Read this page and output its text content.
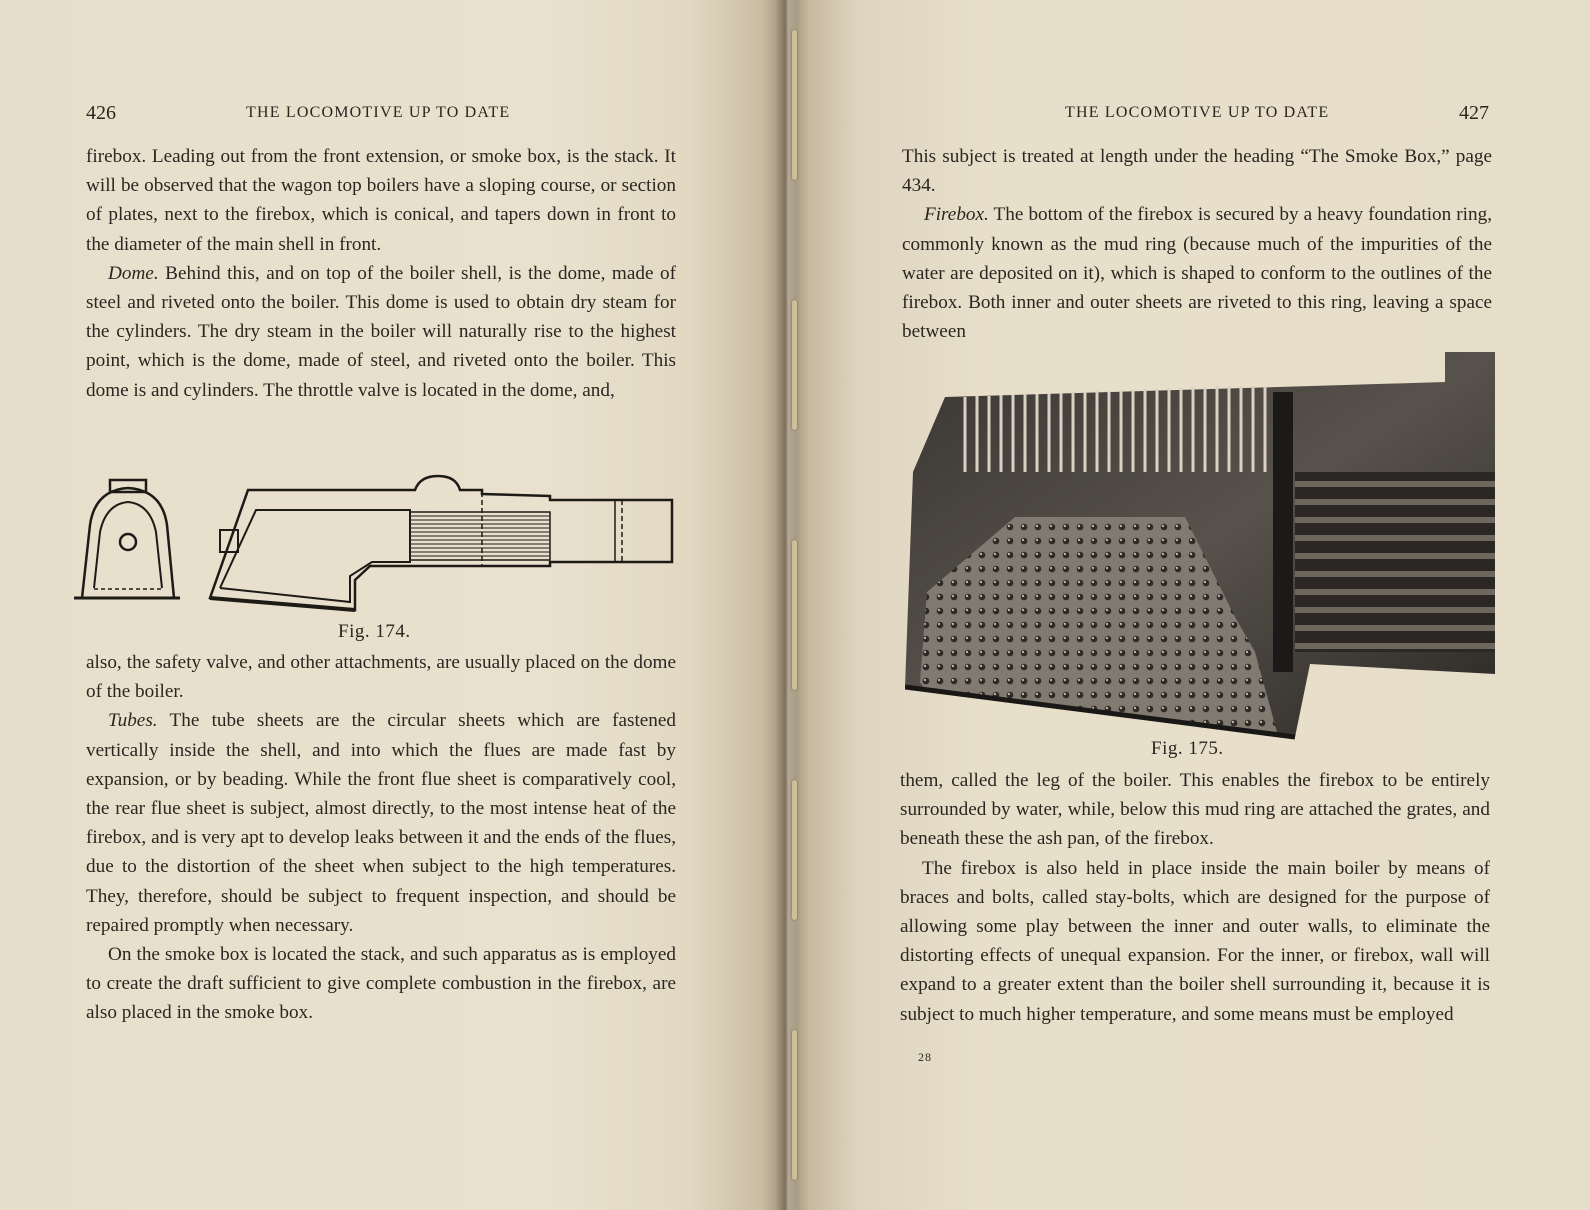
426	THE LOCOMOTIVE UP TO DATE

firebox. Leading out from the front extension, or smoke box, is the stack. It will be observed that the wagon top boilers have a sloping course, or section of plates, next to the firebox, which is conical, and tapers down in front to the diameter of the main shell in front.

Dome. Behind this, and on top of the boiler shell, is the dome, made of steel and riveted onto the boiler. This dome is used to obtain dry steam for the cylinders. The dry steam in the boiler will naturally rise to the highest point, which is the dome, made of steel, and riveted onto the boiler. This dome is and cylinders. The throttle valve is located in the dome, and,

Fig. 174.

also, the safety valve, and other attachments, are usually placed on the dome of the boiler.

Tubes. The tube sheets are the circular sheets which are fastened vertically inside the shell, and into which the flues are made fast by expansion, or by beading. While the front flue sheet is comparatively cool, the rear flue sheet is subject, almost directly, to the most intense heat of the firebox, and is very apt to develop leaks between it and the ends of the flues, due to the distortion of the sheet when subject to the high temperatures. They, therefore, should be subject to frequent inspection, and should be repaired promptly when necessary.

On the smoke box is located the stack, and such apparatus as is employed to create the draft sufficient to give complete combustion in the firebox, are also placed in the smoke box.

THE LOCOMOTIVE UP TO DATE	427

This subject is treated at length under the heading “The Smoke Box,” page 434.

Firebox. The bottom of the firebox is secured by a heavy foundation ring, commonly known as the mud ring (because much of the impurities of the water are deposited on it), which is shaped to conform to the outlines of the firebox. Both inner and outer sheets are riveted to this ring, leaving a space between

Fig. 175.

them, called the leg of the boiler. This enables the firebox to be entirely surrounded by water, while, below this mud ring are attached the grates, and beneath these the ash pan, of the firebox.

The firebox is also held in place inside the main boiler by means of braces and bolts, called stay-bolts, which are designed for the purpose of allowing some play between the inner and outer walls, to eliminate the distorting effects of unequal expansion. For the inner, or firebox, wall will expand to a greater extent than the boiler shell surrounding it, because it is subject to much higher temperature, and some means must be employed

28
